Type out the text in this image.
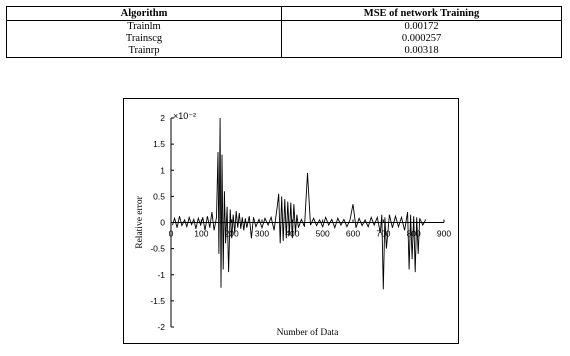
Algorithm	MSE of network Training
Trainlm	0.00172
Trainscg	0.000257
Trainrp	0.00318
×10⁻²
Relative error
Number of Data
2
1.5
1
0.5
0
-0.5
-1
-1.5
-2
0 100 200 300 400 500 600 700 800 900
